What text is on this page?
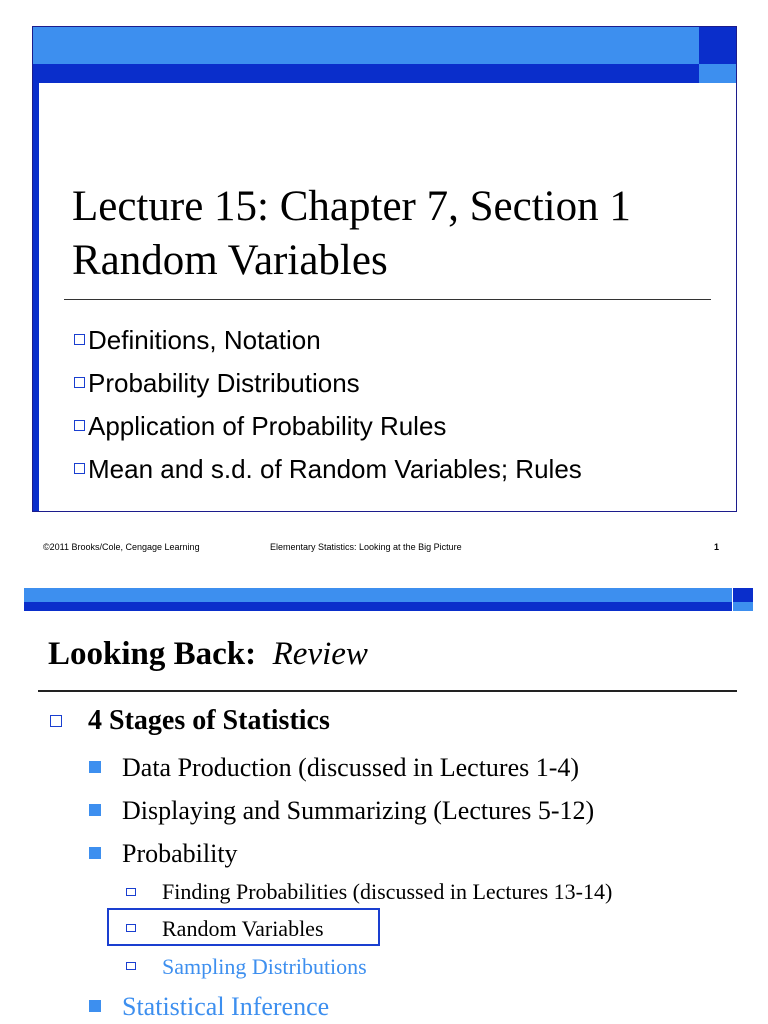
Lecture 15: Chapter 7, Section 1
Random Variables
Definitions, Notation
Probability Distributions
Application of Probability Rules
Mean and s.d. of Random Variables; Rules
©2011 Brooks/Cole, Cengage Learning	Elementary Statistics: Looking at the Big Picture	1
Looking Back: Review
4 Stages of Statistics
Data Production (discussed in Lectures 1-4)
Displaying and Summarizing (Lectures 5-12)
Probability
Finding Probabilities (discussed in Lectures 13-14)
Random Variables
Sampling Distributions
Statistical Inference
